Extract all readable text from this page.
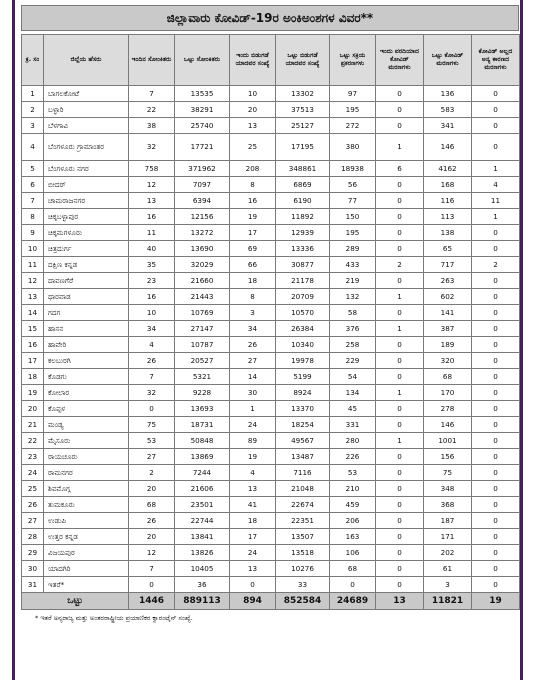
ಜಿಲ್ಲಾವಾರು ಕೋವಿಡ್-19ರ ಅಂಕಿಅಂಶಗಳ ವಿವರ**
ಕ್ರ. ಸಂ	ಜಿಲ್ಲೆಯ ಹೆಸರು	ಇಂದಿನ ಸೋಂಕಿತರು	ಒಟ್ಟು ಸೋಂಕಿತರು	ಇಂದು ಬಿಡುಗಡೆ ಯಾದವರ ಸಂಖ್ಯೆ	ಒಟ್ಟು ಬಿಡುಗಡೆ ಯಾದವರ ಸಂಖ್ಯೆ	ಒಟ್ಟು ಸಕ್ರಿಯ ಪ್ರಕರಣಗಳು	ಇಂದು ವರದಿಯಾದ ಕೋವಿಡ್ ಮರಣಗಳು	ಒಟ್ಟು ಕೋವಿಡ್ ಮರಣಗಳು	ಕೋವಿಡ್ ಅಲ್ಲದ ಅನ್ಯ ಕಾರಣದ ಮರಣಗಳು
1	ಬಾಗಲಕೋಟೆ	7	13535	10	13302	97	0	136	0
2	ಬಳ್ಳಾರಿ	22	38291	20	37513	195	0	583	0
3	ಬೆಳಗಾವಿ	38	25740	13	25127	272	0	341	0
4	ಬೆಂಗಳೂರು ಗ್ರಾಮಾಂತರ	32	17721	25	17195	380	1	146	0
5	ಬೆಂಗಳೂರು ನಗರ	758	371962	208	348861	18938	6	4162	1
6	ಬೀದರ್	12	7097	8	6869	56	0	168	4
7	ಚಾಮರಾಜನಗರ	13	6394	16	6190	77	0	116	11
8	ಚಿಕ್ಕಬಳ್ಳಾಪುರ	16	12156	19	11892	150	0	113	1
9	ಚಿಕ್ಕಮಗಳೂರು	11	13272	17	12939	195	0	138	0
10	ಚಿತ್ರದುರ್ಗ	40	13690	69	13336	289	0	65	0
11	ದಕ್ಷಿಣ ಕನ್ನಡ	35	32029	66	30877	433	2	717	2
12	ದಾವಣಗೆರೆ	23	21660	18	21178	219	0	263	0
13	ಧಾರವಾಡ	16	21443	8	20709	132	1	602	0
14	ಗದಗ	10	10769	3	10570	58	0	141	0
15	ಹಾಸನ	34	27147	34	26384	376	1	387	0
16	ಹಾವೇರಿ	4	10787	26	10340	258	0	189	0
17	ಕಲಬುರಗಿ	26	20527	27	19978	229	0	320	0
18	ಕೊಡಗು	7	5321	14	5199	54	0	68	0
19	ಕೋಲಾರ	32	9228	30	8924	134	1	170	0
20	ಕೊಪ್ಪಳ	0	13693	1	13370	45	0	278	0
21	ಮಂಡ್ಯ	75	18731	24	18254	331	0	146	0
22	ಮೈಸೂರು	53	50848	89	49567	280	1	1001	0
23	ರಾಯಚೂರು	27	13869	19	13487	226	0	156	0
24	ರಾಮನಗರ	2	7244	4	7116	53	0	75	0
25	ಶಿವಮೊಗ್ಗ	20	21606	13	21048	210	0	348	0
26	ತುಮಕೂರು	68	23501	41	22674	459	0	368	0
27	ಉಡುಪಿ	26	22744	18	22351	206	0	187	0
28	ಉತ್ತರ ಕನ್ನಡ	20	13841	17	13507	163	0	171	0
29	ವಿಜಯಪುರ	12	13826	24	13518	106	0	202	0
30	ಯಾದಗಿರಿ	7	10405	13	10276	68	0	61	0
31	ಇತರೆ*	0	36	0	33	0	0	3	0
ಒಟ್ಟು		1446	889113	894	852584	24689	13	11821	19
* ಇತರೆ ಅನ್ಯರಾಜ್ಯ ಮತ್ತು ಅಂತರರಾಷ್ಟ್ರೀಯ ಪ್ರಯಾಣಿಕರ ಕ್ವಾರಂಟೈನ್ ಸಂಖ್ಯೆ.
